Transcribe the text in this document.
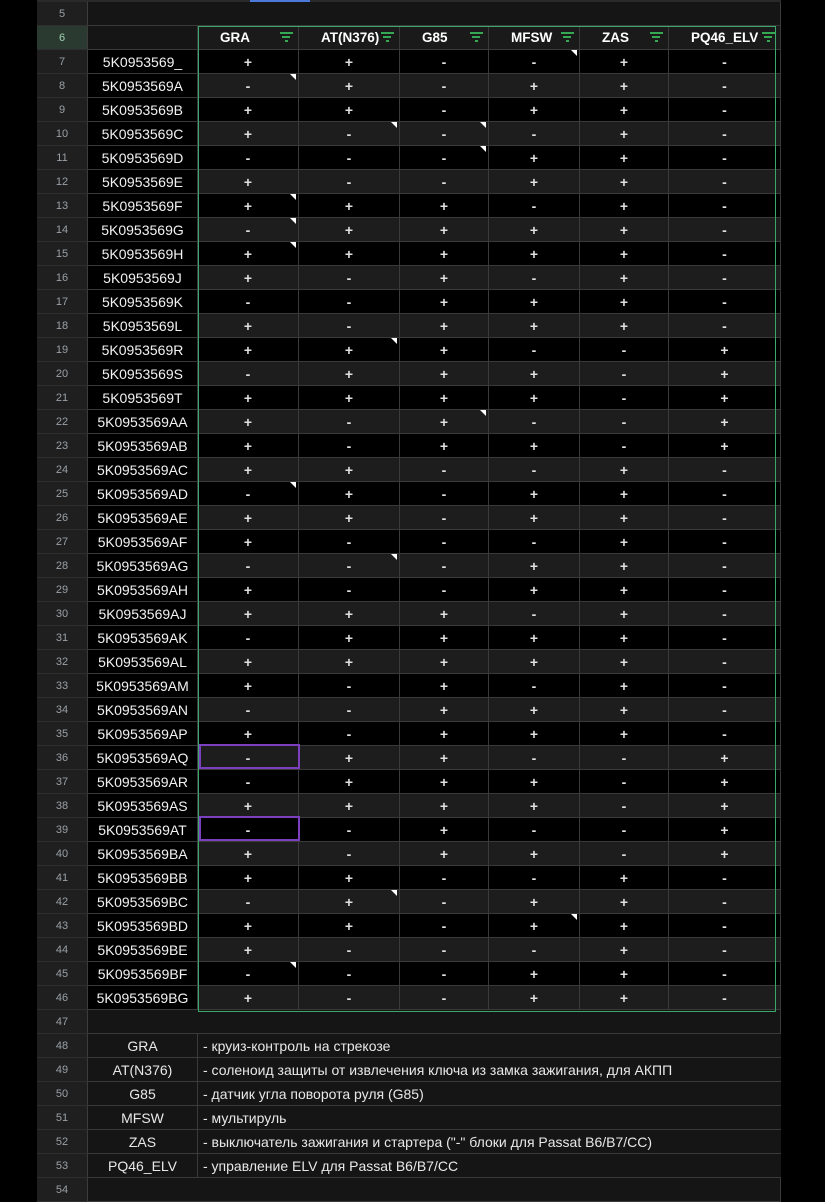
5
6	GRA	AT(N376)	G85	MFSW	ZAS	PQ46_ELV
7	5K0953569_	+	+	-	-	+	-
8	5K0953569A	-	+	-	+	+	-
9	5K0953569B	+	+	-	+	+	-
10	5K0953569C	+	-	-	-	+	-
11	5K0953569D	-	-	-	+	+	-
12	5K0953569E	+	-	-	+	+	-
13	5K0953569F	+	+	+	-	+	-
14	5K0953569G	-	+	+	+	+	-
15	5K0953569H	+	+	+	+	+	-
16	5K0953569J	+	-	+	-	+	-
17	5K0953569K	-	-	+	+	+	-
18	5K0953569L	+	-	+	+	+	-
19	5K0953569R	+	+	+	-	-	+
20	5K0953569S	-	+	+	+	-	+
21	5K0953569T	+	+	+	+	-	+
22	5K0953569AA	+	-	+	-	-	+
23	5K0953569AB	+	-	+	+	-	+
24	5K0953569AC	+	+	-	-	+	-
25	5K0953569AD	-	+	-	+	+	-
26	5K0953569AE	+	+	-	+	+	-
27	5K0953569AF	+	-	-	-	+	-
28	5K0953569AG	-	-	-	+	+	-
29	5K0953569AH	+	-	-	+	+	-
30	5K0953569AJ	+	+	+	-	+	-
31	5K0953569AK	-	+	+	+	+	-
32	5K0953569AL	+	+	+	+	+	-
33	5K0953569AM	+	-	+	-	+	-
34	5K0953569AN	-	-	+	+	+	-
35	5K0953569AP	+	-	+	+	+	-
36	5K0953569AQ	-	+	+	-	-	+
37	5K0953569AR	-	+	+	+	-	+
38	5K0953569AS	+	+	+	+	-	+
39	5K0953569AT	-	-	+	-	-	+
40	5K0953569BA	+	-	+	+	-	+
41	5K0953569BB	+	+	-	-	+	-
42	5K0953569BC	-	+	-	+	+	-
43	5K0953569BD	+	+	-	+	+	-
44	5K0953569BE	+	-	-	-	+	-
45	5K0953569BF	-	-	-	+	+	-
46	5K0953569BG	+	-	-	+	+	-
47
48	GRA	- круиз-контроль на стрекозе
49	AT(N376)	- соленоид защиты от извлечения ключа из замка зажигания, для АКПП
50	G85	- датчик угла поворота руля (G85)
51	MFSW	- мультируль
52	ZAS	- выключатель зажигания и стартера ("-" блоки для Passat B6/B7/CC)
53	PQ46_ELV	- управление ELV для Passat B6/B7/CC
54
